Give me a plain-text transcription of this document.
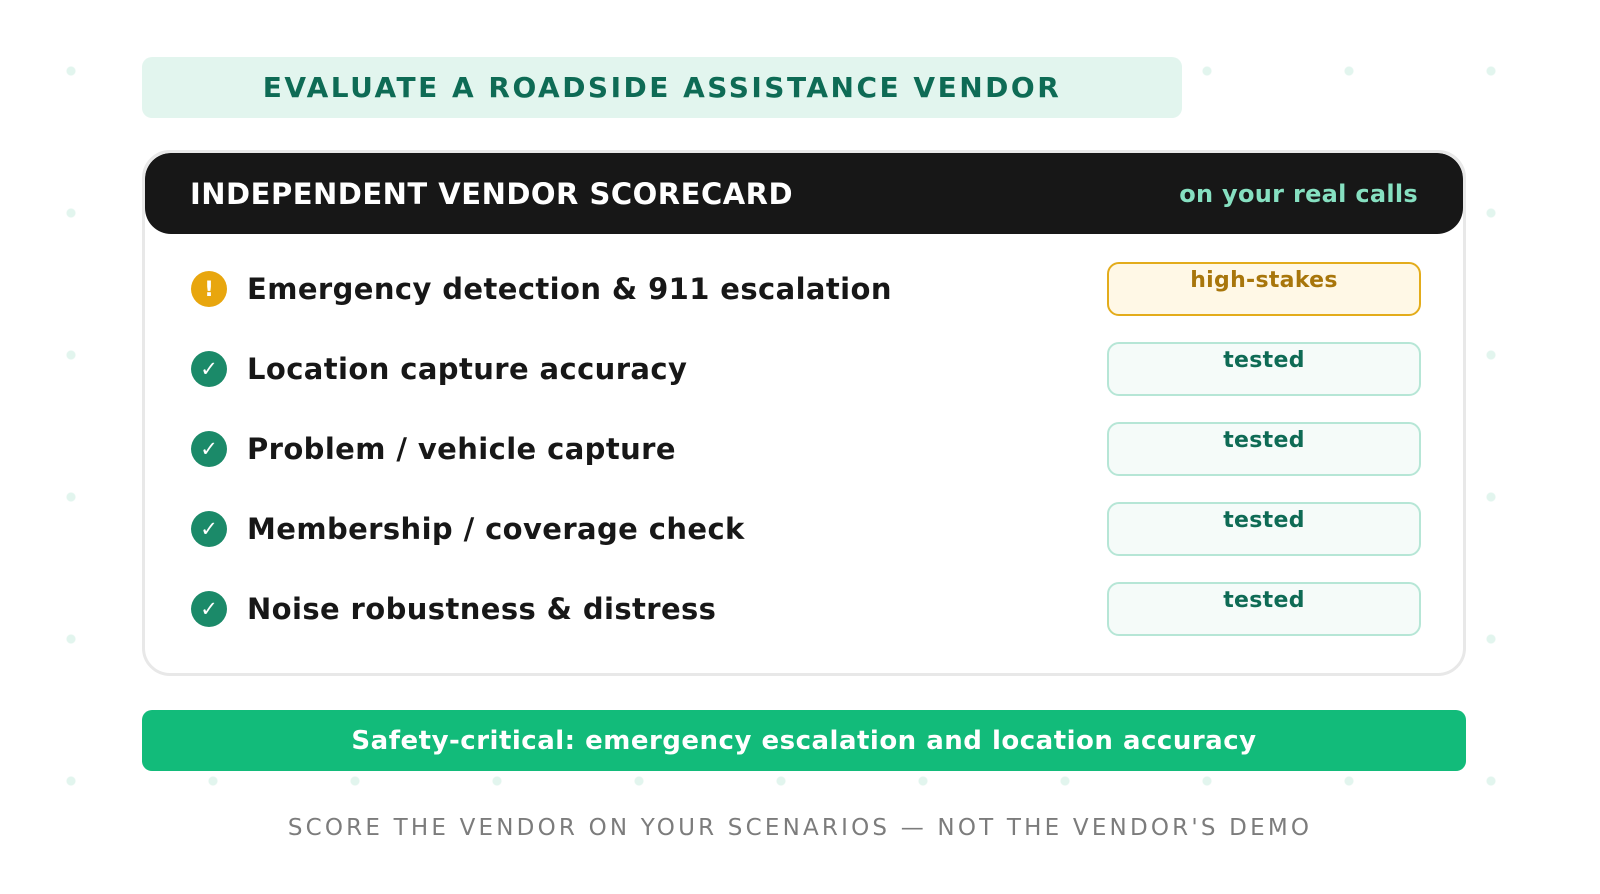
EVALUATE A ROADSIDE ASSISTANCE VENDOR
INDEPENDENT VENDOR SCORECARD	on your real calls
!	Emergency detection & 911 escalation	high-stakes
✓	Location capture accuracy	tested
✓	Problem / vehicle capture	tested
✓	Membership / coverage check	tested
✓	Noise robustness & distress	tested
Safety-critical: emergency escalation and location accuracy
SCORE THE VENDOR ON YOUR SCENARIOS — NOT THE VENDOR'S DEMO
